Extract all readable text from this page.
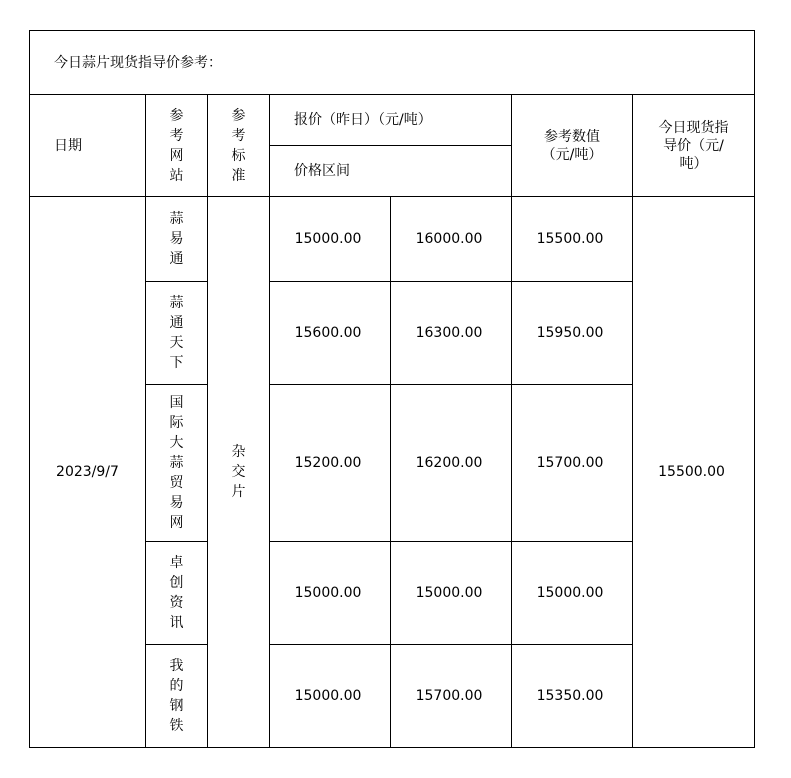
今日蒜片现货指导价参考：						
日期	参考网站	参考标准	报价（昨日）（元/吨）		参考数值（元/吨）	今日现货指导价（元/吨）
			价格区间			
2023/9/7	蒜易通	杂交片	15000.00	16000.00	15500.00	15500.00
	蒜通天下		15600.00	16300.00	15950.00	
	国际大蒜贸易网		15200.00	16200.00	15700.00	
	卓创资讯		15000.00	15000.00	15000.00	
	我的钢铁		15000.00	15700.00	15350.00	
